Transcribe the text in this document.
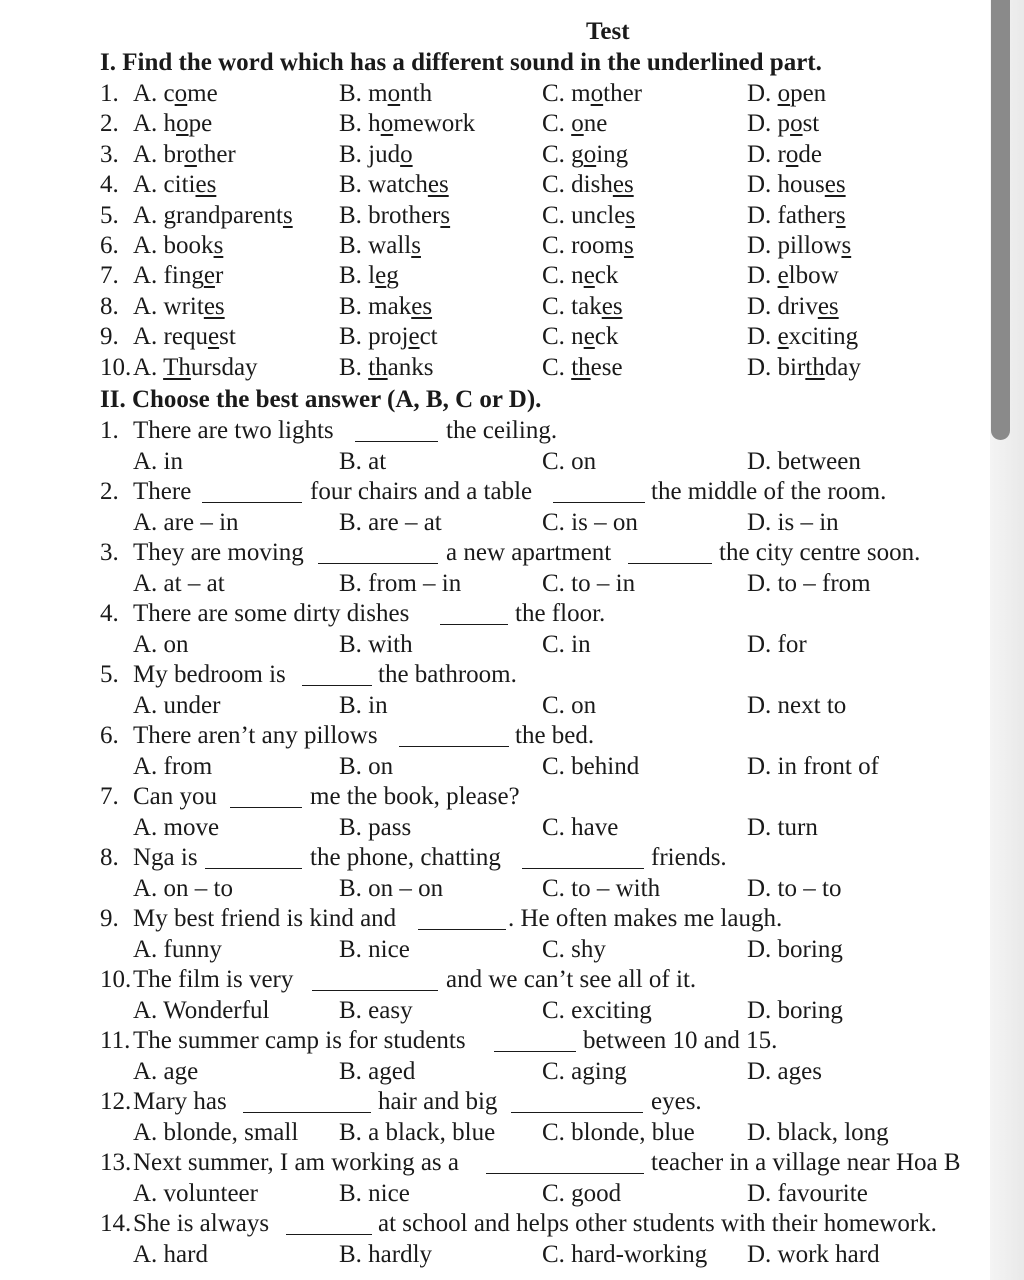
Test
I. Find the word which has a different sound in the underlined part.
1. A. come	B. month	C. mother	D. open
2. A. hope	B. homework	C. one	D. post
3. A. brother	B. judo	C. going	D. rode
4. A. cities	B. watches	C. dishes	D. houses
5. A. grandparents B. brothers	C. uncles	D. fathers
6. A. books	B. walls	C. rooms	D. pillows
7. A. finger	B. leg	C. neck	D. elbow
8. A. writes	B. makes	C. takes	D. drives
9. A. request	B. project	C. neck	D. exciting
10. A. Thursday	B. thanks	C. these	D. birthday
II. Choose the best answer (A, B, C or D).
1. There are two lights	the ceiling.
A. in	B. at	C. on	D. between
2. There	four chairs and a table	the middle of the room.
A. are – in	B. are – at	C. is – on	D. is – in
3. They are moving	a new apartment	the city centre soon.
A. at – at	B. from – in	C. to – in	D. to – from
4. There are some dirty dishes	the floor.
A. on	B. with	C. in	D. for
5. My bedroom is	the bathroom.
A. under	B. in	C. on	D. next to
6. There aren’t any pillows	the bed.
A. from	B. on	C. behind	D. in front of
7. Can you	me the book, please?
A. move	B. pass	C. have	D. turn
8. Nga is	the phone, chatting	friends.
A. on – to	B. on – on	C. to – with	D. to – to
9. My best friend is kind and	. He often makes me laugh.
A. funny	B. nice	C. shy	D. boring
10. The film is very	and we can’t see all of it.
A. Wonderful	B. easy	C. exciting	D. boring
11. The summer camp is for students	between 10 and 15.
A. age	B. aged	C. aging	D. ages
12. Mary has	hair and big	eyes.
A. blonde, small B. a black, blue C. blonde, blue D. black, long
13. Next summer, I am working as a	teacher in a village near Hoa B
A. volunteer	B. nice	C. good	D. favourite
14. She is always	at school and helps other students with their homework.
A. hard	B. hardly	C. hard-working D. work hard
